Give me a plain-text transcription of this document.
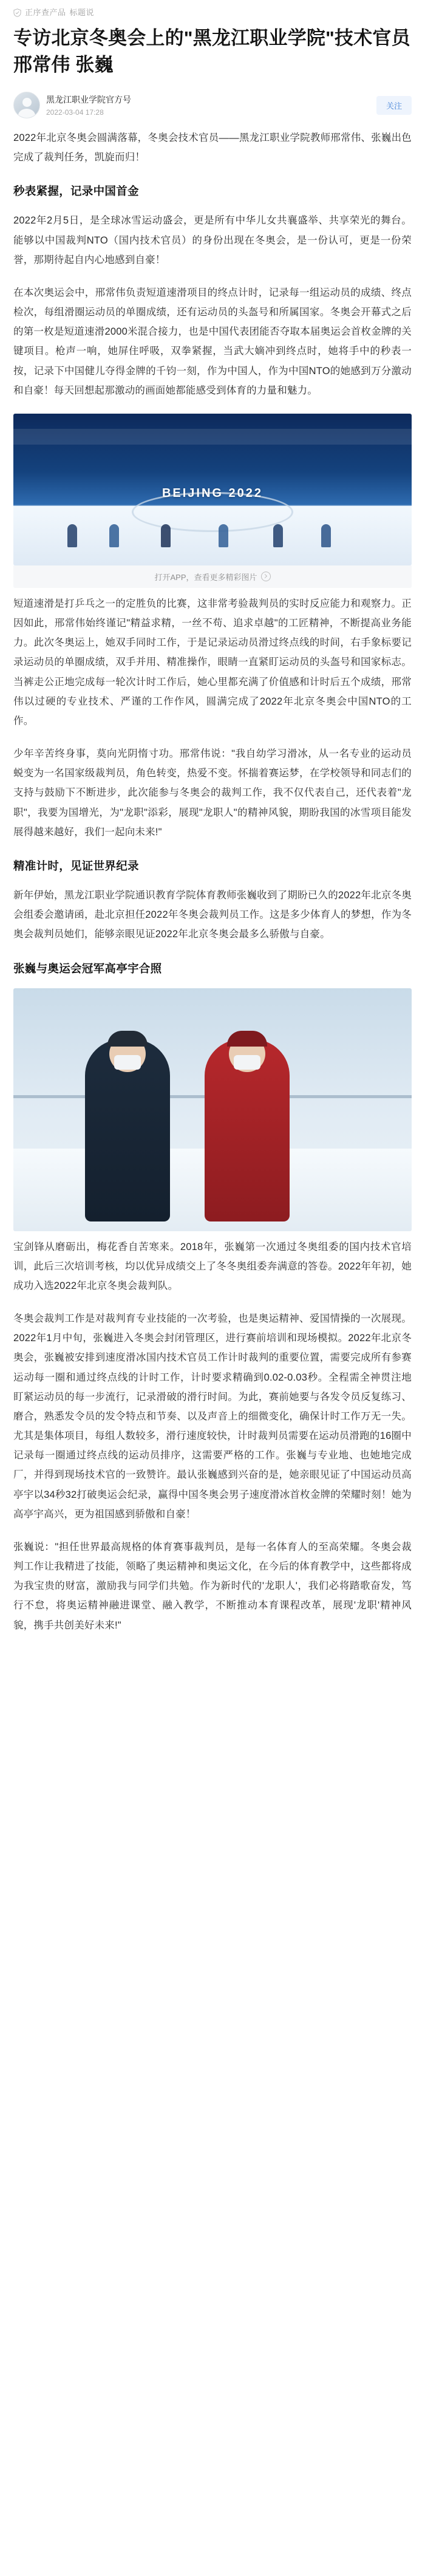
正序查产品 标题说
专访北京冬奥会上的"黑龙江职业学院"技术官员邢常伟 张巍
黑龙江职业学院官方号
2022-03-04 17:28
关注

2022年北京冬奥会圆满落幕，冬奥会技术官员——黑龙江职业学院教师邢常伟、张巍出色完成了裁判任务，凯旋而归！

秒表紧握，记录中国首金

2022年2月5日，是全球冰雪运动盛会，更是所有中华儿女共襄盛举、共享荣光的舞台。能够以中国裁判NTO（国内技术官员）的身份出现在冬奥会，是一份认可，更是一份荣誉，那期待起自内心地感到自豪！

在本次奥运会中，邢常伟负责短道速滑项目的终点计时，记录每一组运动员的成绩、终点检次，每组滑圈运动员的单圈成绩，还有运动员的头盔号和所属国家。冬奥会开幕式之后的第一枚是短道速滑2000米混合接力，也是中国代表团能否夺取本届奥运会首枚金牌的关键项目。枪声一响，她屏住呼吸，双拳紧握，当武大嫡冲到终点时，她将手中的秒表一按，记录下中国健儿夺得金牌的千钧一刻，作为中国人，作为中国NTO的她感到万分激动和自豪！每天回想起那激动的画面她都能感受到体育的力量和魅力。

BEIJING 2022
打开APP，查看更多精彩图片

短道速滑是打乒乓之一的定胜负的比赛，这非常考验裁判员的实时反应能力和观察力。正因如此，邢常伟始终谨记"精益求精，一丝不苟、追求卓越"的工匠精神，不断提高业务能力。此次冬奥运上，她双手同时工作，于是记录运动员滑过终点线的时间，右手象标要记录运动员的单圈成绩，双手并用、精准操作，眼睛一直紧盯运动员的头盔号和国家标志。当裤走公正地完成每一轮次计时工作后，她心里都充满了价值感和计时后五个成绩，邢常伟以过硬的专业技术、严谨的工作作风，圆满完成了2022年北京冬奥会中国NTO的工作。

少年辛苦终身事，莫向光阴惰寸功。邢常伟说："我自幼学习滑冰，从一名专业的运动员蜕变为一名国家级裁判员，角色转变，热爱不变。怀揣着赛运梦，在学校领导和同志们的支持与鼓励下不断进步，此次能参与冬奥会的裁判工作，我不仅代表自己，还代表着"龙职"，我要为国增光，为"龙职"添彩，展现"龙职人"的精神风貌，期盼我国的冰雪项目能发展得越来越好，我们一起向未来!"

精准计时，见证世界纪录

新年伊始，黑龙江职业学院通识教育学院体育教师张巍收到了期盼已久的2022年北京冬奥会组委会邀请函，赴北京担任2022年冬奥会裁判员工作。这是多少体育人的梦想，作为冬奥会裁判员她们，能够亲眼见证2022年北京冬奥会最多么骄傲与自豪。

张巍与奥运会冠军高亭宇合照

宝剑锋从磨砺出，梅花香自苦寒来。2018年，张巍第一次通过冬奥组委的国内技术官培训，此后三次培训考核，均以优异成绩交上了冬冬奥组委奔满意的答卷。2022年年初，她成功入选2022年北京冬奥会裁判队。

冬奥会裁判工作是对裁判育专业技能的一次考验，也是奥运精神、爱国情操的一次展现。2022年1月中旬，张巍进入冬奥会封闭管理区，进行赛前培训和现场模拟。2022年北京冬奥会，张巍被安排到速度滑冰国内技术官员工作计时裁判的重要位置，需要完成所有参赛运动每一圈和通过终点线的计时工作，计时要求精确到0.02-0.03秒。全程需全神贯注地盯紧运动员的每一步流行，记录滑破的滑行时间。为此，赛前她要与各发令员反复练习、磨合，熟悉发令员的发令特点和节奏、以及声音上的细微变化，确保计时工作万无一失。尤其是集体项目，每组人数较多，滑行速度较快，计时裁判员需要在运动员滑跑的16圈中记录每一圈通过终点线的运动员排序，这需要严格的工作。张巍与专业地、也她地完成厂，并得到现场技术官的一致赞许。最认张巍感到兴奋的是，她亲眼见证了中国运动员高亭宇以34秒32打破奥运会纪录，赢得中国冬奥会男子速度滑冰首枚金牌的荣耀时刻！她为高亭宇高兴，更为祖国感到骄傲和自豪！

张巍说："担任世界最高规格的体育赛事裁判员，是每一名体育人的至高荣耀。冬奥会裁判工作让我精进了技能，领略了奥运精神和奥运文化，在今后的体育教学中，这些都将成为我宝贵的财富，激励我与同学们共勉。作为新时代的'龙职人'，我们必将踏歌奋发，笃行不怠，将奥运精神融进课堂、融入教学，不断推动本育课程改革，展现'龙职'精神风貌，携手共创美好未来!"
